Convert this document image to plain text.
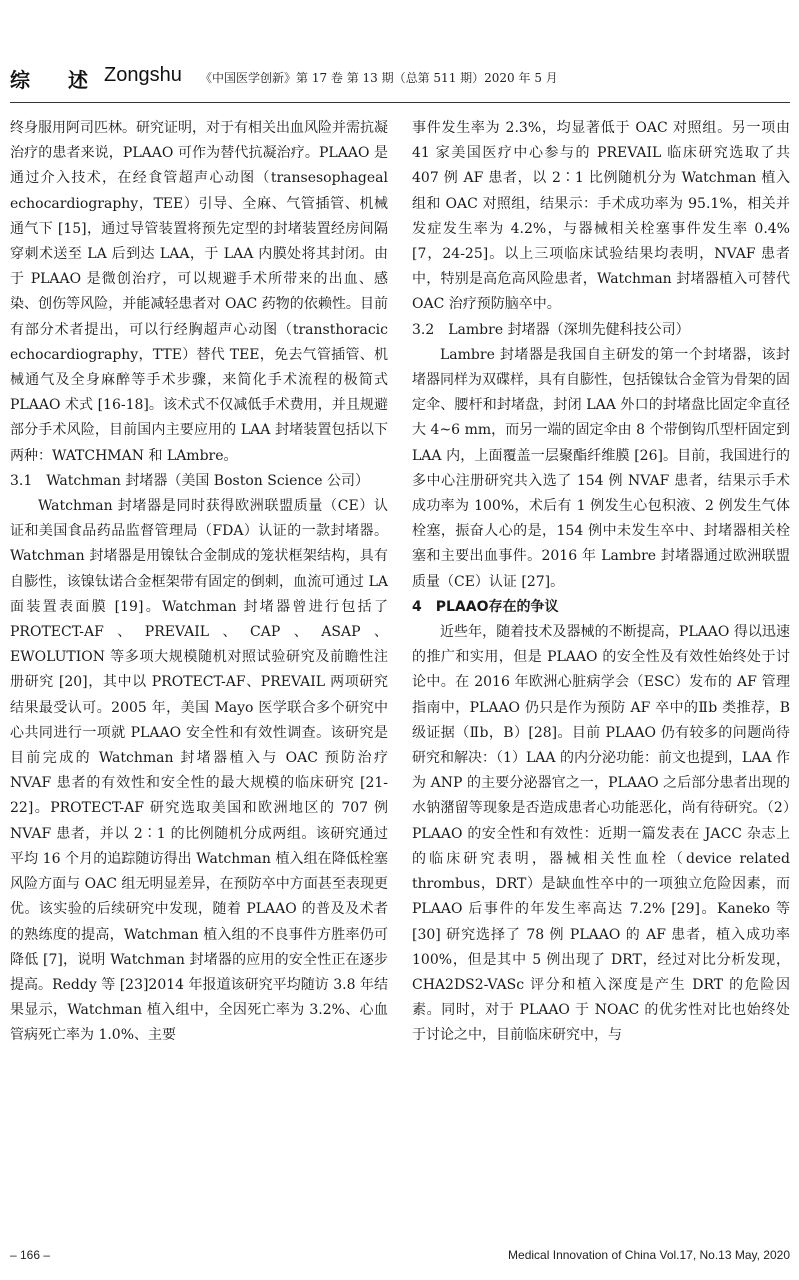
综 述 Zongshu 《中国医学创新》第 17 卷 第 13 期（总第 511 期）2020 年 5 月

终身服用阿司匹林。研究证明，对于有相关出血风险并需抗凝治疗的患者来说，PLAAO 可作为替代抗凝治疗。PLAAO 是通过介入技术，在经食管超声心动图（transesophageal echocardiography，TEE）引导、全麻、气管插管、机械通气下 [15]，通过导管装置将预先定型的封堵装置经房间隔穿刺术送至 LA 后到达 LAA，于 LAA 内膜处将其封闭。由于 PLAAO 是微创治疗，可以规避手术所带来的出血、感染、创伤等风险，并能减轻患者对 OAC 药物的依赖性。目前有部分术者提出，可以行经胸超声心动图（transthoracic echocardiography，TTE）替代 TEE，免去气管插管、机械通气及全身麻醉等手术步骤，来简化手术流程的极简式 PLAAO 术式 [16-18]。该术式不仅减低手术费用，并且规避部分手术风险，目前国内主要应用的 LAA 封堵装置包括以下两种：WATCHMAN 和 LAmbre。

3.1　Watchman 封堵器（美国 Boston Science 公司）

Watchman 封堵器是同时获得欧洲联盟质量（CE）认证和美国食品药品监督管理局（FDA）认证的一款封堵器。Watchman 封堵器是用镍钛合金制成的笼状框架结构，具有自膨性，该镍钛诺合金框架带有固定的倒刺，血流可通过 LA 面装置表面膜 [19]。Watchman 封堵器曾进行包括了 PROTECT-AF、PREVAIL、CAP、ASAP、EWOLUTION 等多项大规模随机对照试验研究及前瞻性注册研究 [20]，其中以 PROTECT-AF、PREVAIL 两项研究结果最受认可。2005 年，美国 Mayo 医学联合多个研究中心共同进行一项就 PLAAO 安全性和有效性调查。该研究是目前完成的 Watchman 封堵器植入与 OAC 预防治疗 NVAF 患者的有效性和安全性的最大规模的临床研究 [21-22]。PROTECT-AF 研究选取美国和欧洲地区的 707 例 NVAF 患者，并以 2∶1 的比例随机分成两组。该研究通过平均 16 个月的追踪随访得出 Watchman 植入组在降低栓塞风险方面与 OAC 组无明显差异，在预防卒中方面甚至表现更优。该实验的后续研究中发现，随着 PLAAO 的普及及术者的熟练度的提高，Watchman 植入组的不良事件方胜率仍可降低 [7]，说明 Watchman 封堵器的应用的安全性正在逐步提高。Reddy 等 [23]2014 年报道该研究平均随访 3.8 年结果显示，Watchman 植入组中，全因死亡率为 3.2%、心血管病死亡率为 1.0%、主要

事件发生率为 2.3%，均显著低于 OAC 对照组。另一项由 41 家美国医疗中心参与的 PREVAIL 临床研究选取了共 407 例 AF 患者，以 2∶1 比例随机分为 Watchman 植入组和 OAC 对照组，结果示：手术成功率为 95.1%，相关并发症发生率为 4.2%，与器械相关栓塞事件发生率 0.4% [7，24-25]。以上三项临床试验结果均表明，NVAF 患者中，特别是高危高风险患者，Watchman 封堵器植入可替代 OAC 治疗预防脑卒中。

3.2　Lambre 封堵器（深圳先健科技公司）

Lambre 封堵器是我国自主研发的第一个封堵器，该封堵器同样为双碟样，具有自膨性，包括镍钛合金管为骨架的固定伞、腰杆和封堵盘，封闭 LAA 外口的封堵盘比固定伞直径大 4~6 mm，而另一端的固定伞由 8 个带倒钩爪型杆固定到 LAA 内，上面覆盖一层聚酯纤维膜 [26]。目前，我国进行的多中心注册研究共入选了 154 例 NVAF 患者，结果示手术成功率为 100%，术后有 1 例发生心包积液、2 例发生气体栓塞，振奋人心的是，154 例中未发生卒中、封堵器相关栓塞和主要出血事件。2016 年 Lambre 封堵器通过欧洲联盟质量（CE）认证 [27]。

4　PLAAO存在的争议

近些年，随着技术及器械的不断提高，PLAAO 得以迅速的推广和实用，但是 PLAAO 的安全性及有效性始终处于讨论中。在 2016 年欧洲心脏病学会（ESC）发布的 AF 管理指南中，PLAAO 仍只是作为预防 AF 卒中的Ⅱb 类推荐，B 级证据（Ⅱb，B）[28]。目前 PLAAO 仍有较多的问题尚待研究和解决：（1）LAA 的内分泌功能：前文也提到，LAA 作为 ANP 的主要分泌器官之一，PLAAO 之后部分患者出现的水钠潴留等现象是否造成患者心功能恶化，尚有待研究。（2）PLAAO 的安全性和有效性：近期一篇发表在 JACC 杂志上的临床研究表明，器械相关性血栓（device related thrombus，DRT）是缺血性卒中的一项独立危险因素，而 PLAAO 后事件的年发生率高达 7.2% [29]。Kaneko 等 [30] 研究选择了 78 例 PLAAO 的 AF 患者，植入成功率 100%，但是其中 5 例出现了 DRT，经过对比分析发现，CHA2DS2-VASc 评分和植入深度是产生 DRT 的危险因素。同时，对于 PLAAO 于 NOAC 的优劣性对比也始终处于讨论之中，目前临床研究中，与

– 166 –	Medical Innovation of China Vol.17, No.13 May, 2020
